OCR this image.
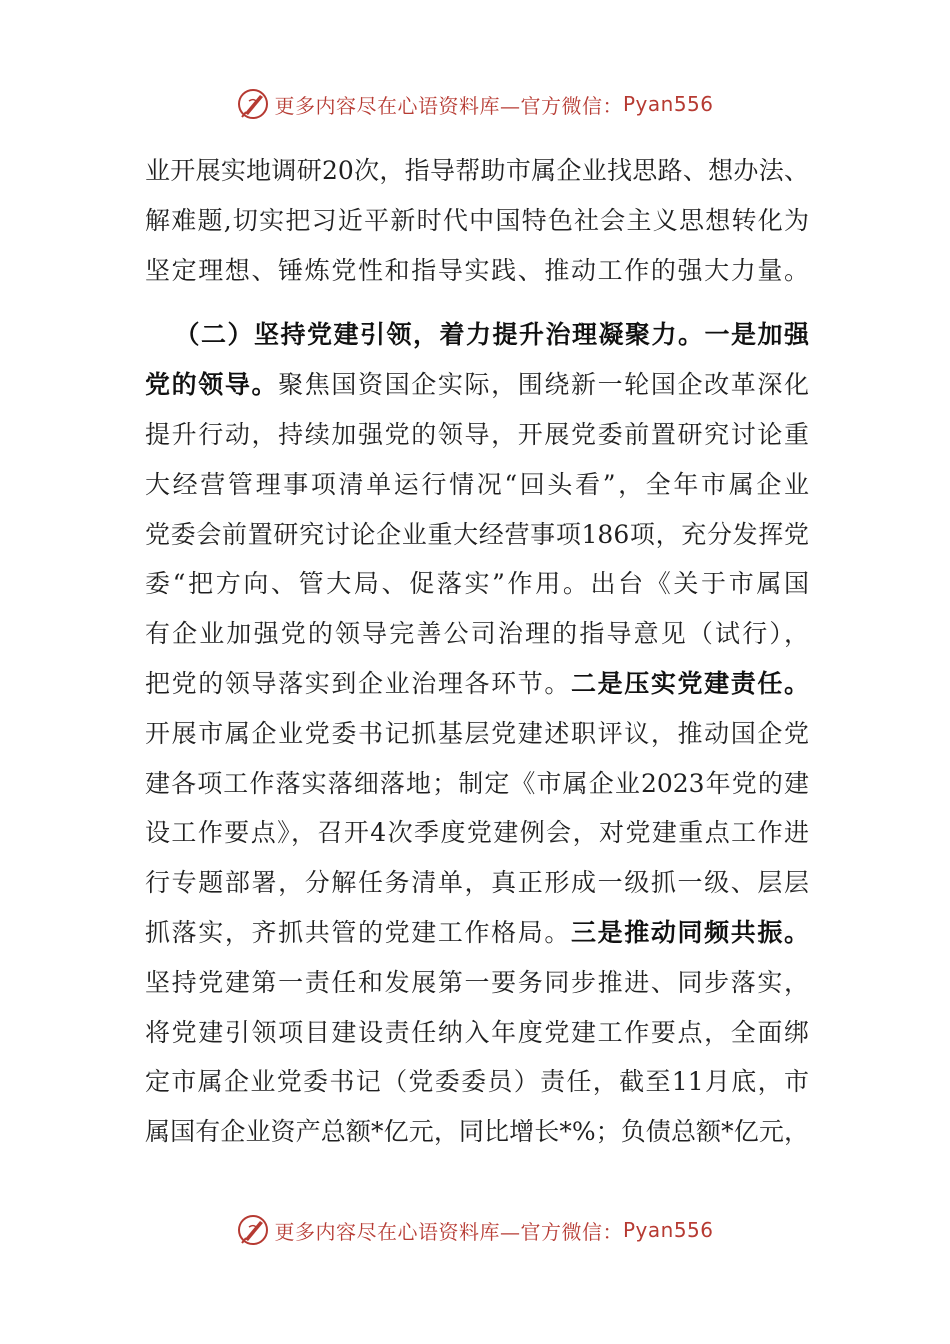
更多内容尽在心语资料库— 官方微信： Pyan556

业开展实地调研20次，指导帮助市属企业找思路、想办法、

解难题,切实把习近平新时代中国特色社会主义思想转化为

坚定理想、锤炼党性和指导实践、推动工作的强大力量。

（二）坚持党建引领，着力提升治理凝聚力。一是加强

党的领导。聚焦国资国企实际，围绕新一轮国企改革深化

提升行动，持续加强党的领导，开展党委前置研究讨论重

大经营管理事项清单运行情况“回头看”，全年市属企业

党委会前置研究讨论企业重大经营事项186项，充分发挥党

委“把方向、管大局、促落实”作用。出台《关于市属国

有企业加强党的领导完善公司治理的指导意见（试行），

把党的领导落实到企业治理各环节。二是压实党建责任。

开展市属企业党委书记抓基层党建述职评议，推动国企党

建各项工作落实落细落地；制定《市属企业2023年党的建

设工作要点》，召开4次季度党建例会，对党建重点工作进

行专题部署，分解任务清单，真正形成一级抓一级、层层

抓落实，齐抓共管的党建工作格局。三是推动同频共振。

坚持党建第一责任和发展第一要务同步推进、同步落实，

将党建引领项目建设责任纳入年度党建工作要点，全面绑

定市属企业党委书记（党委委员）责任，截至11月底，市

属国有企业资产总额*亿元，同比增长*%；负债总额*亿元，

更多内容尽在心语资料库— 官方微信： Pyan556
